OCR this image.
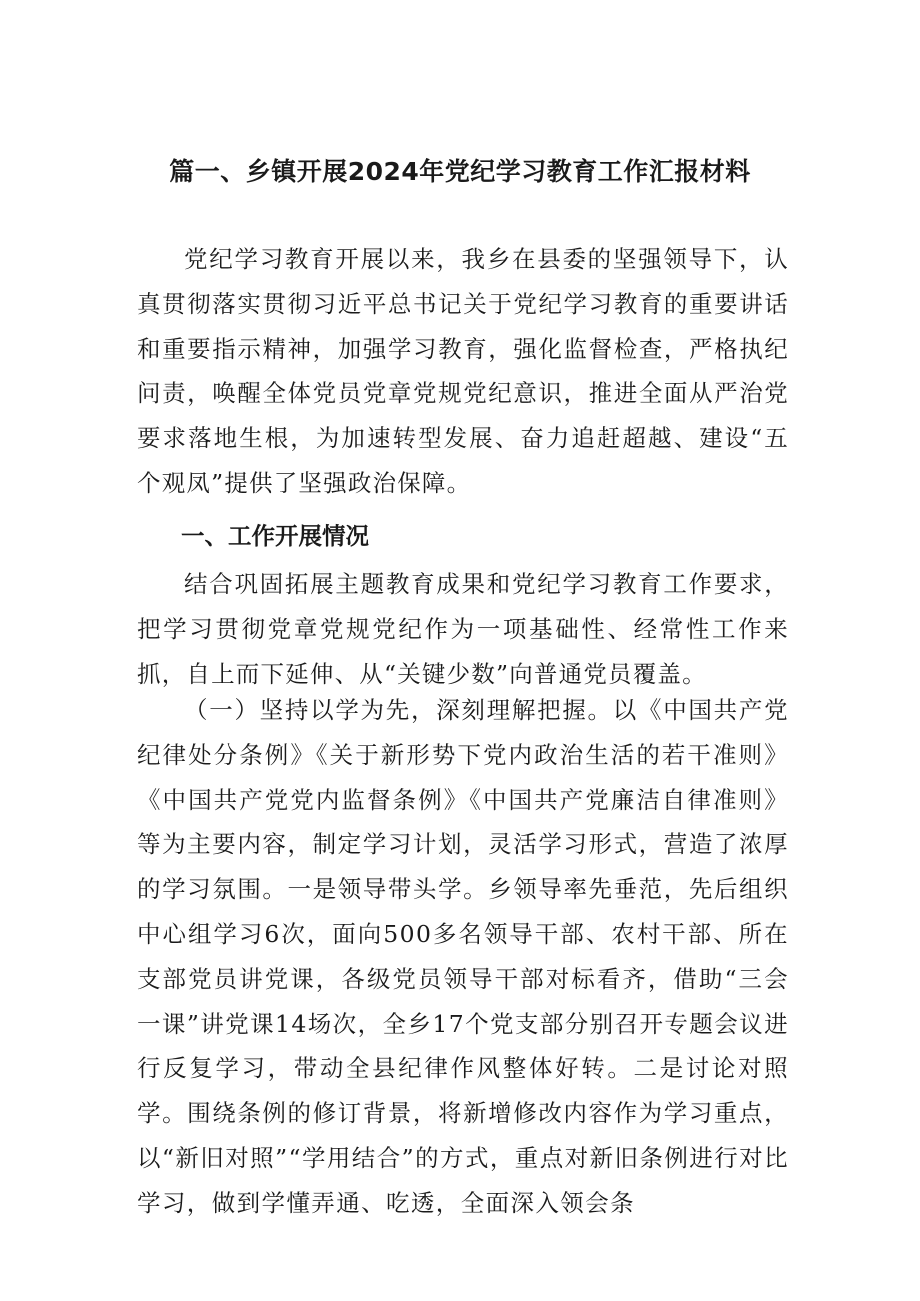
篇一、乡镇开展2024年党纪学习教育工作汇报材料

党纪学习教育开展以来，我乡在县委的坚强领导下，认真贯彻落实贯彻习近平总书记关于党纪学习教育的重要讲话和重要指示精神，加强学习教育，强化监督检查，严格执纪问责，唤醒全体党员党章党规党纪意识，推进全面从严治党要求落地生根，为加速转型发展、奋力追赶超越、建设“五个观凤”提供了坚强政治保障。

一、工作开展情况

结合巩固拓展主题教育成果和党纪学习教育工作要求，把学习贯彻党章党规党纪作为一项基础性、经常性工作来抓，自上而下延伸、从“关键少数”向普通党员覆盖。

（一）坚持以学为先，深刻理解把握。以《中国共产党纪律处分条例》《关于新形势下党内政治生活的若干准则》《中国共产党党内监督条例》《中国共产党廉洁自律准则》等为主要内容，制定学习计划，灵活学习形式，营造了浓厚的学习氛围。一是领导带头学。乡领导率先垂范，先后组织中心组学习6次，面向500多名领导干部、农村干部、所在支部党员讲党课，各级党员领导干部对标看齐，借助“三会一课”讲党课14场次，全乡17个党支部分别召开专题会议进行反复学习，带动全县纪律作风整体好转。二是讨论对照学。围绕条例的修订背景，将新增修改内容作为学习重点，以“新旧对照”“学用结合”的方式，重点对新旧条例进行对比学习，做到学懂弄通、吃透，全面深入领会条
